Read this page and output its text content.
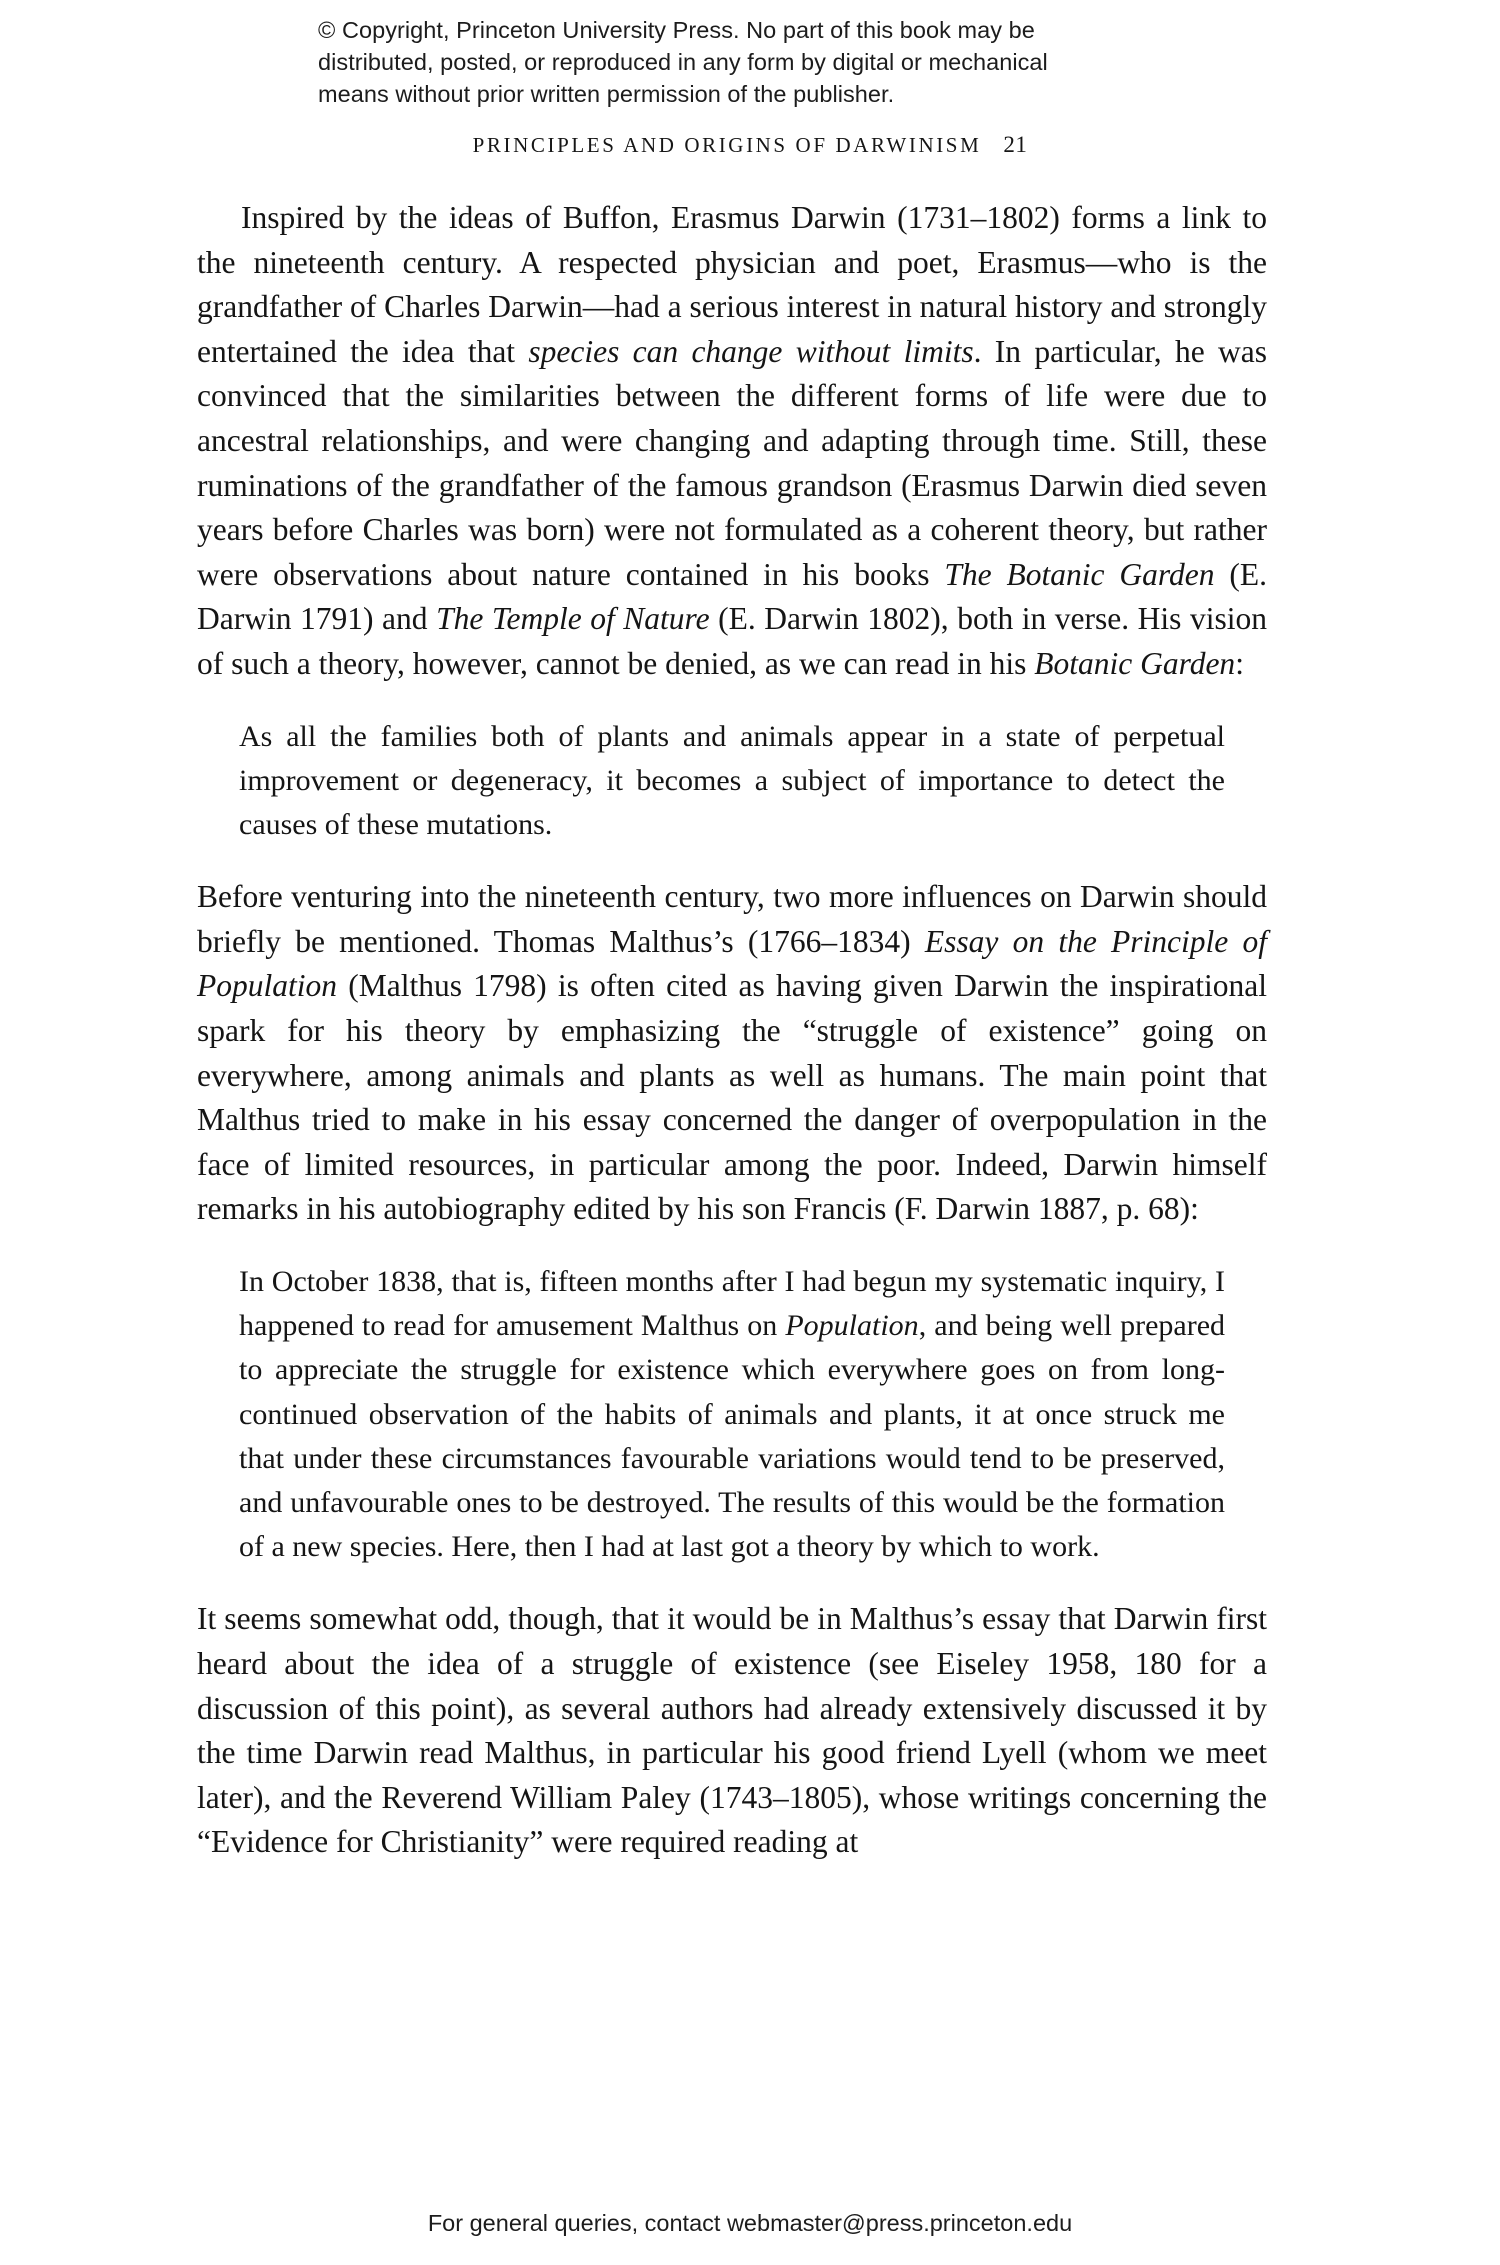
© Copyright, Princeton University Press. No part of this book may be
distributed, posted, or reproduced in any form by digital or mechanical
means without prior written permission of the publisher.
PRINCIPLES AND ORIGINS OF DARWINISM 21

Inspired by the ideas of Buffon, Erasmus Darwin (1731–1802) forms a link to the nineteenth century. A respected physician and poet, Erasmus—who is the grandfather of Charles Darwin—had a serious interest in natural history and strongly entertained the idea that species can change without limits. In particular, he was convinced that the similarities between the different forms of life were due to ancestral relationships, and were changing and adapting through time. Still, these ruminations of the grandfather of the famous grandson (Erasmus Darwin died seven years before Charles was born) were not formulated as a coherent theory, but rather were observations about nature contained in his books The Botanic Garden (E. Darwin 1791) and The Temple of Nature (E. Darwin 1802), both in verse. His vision of such a theory, however, cannot be denied, as we can read in his Botanic Garden:

As all the families both of plants and animals appear in a state of perpetual improvement or degeneracy, it becomes a subject of importance to detect the causes of these mutations.

Before venturing into the nineteenth century, two more influences on Darwin should briefly be mentioned. Thomas Malthus’s (1766–1834) Essay on the Principle of Population (Malthus 1798) is often cited as having given Darwin the inspirational spark for his theory by emphasizing the “struggle of existence” going on everywhere, among animals and plants as well as humans. The main point that Malthus tried to make in his essay concerned the danger of overpopulation in the face of limited resources, in particular among the poor. Indeed, Darwin himself remarks in his autobiography edited by his son Francis (F. Darwin 1887, p. 68):

In October 1838, that is, fifteen months after I had begun my systematic inquiry, I happened to read for amusement Malthus on Population, and being well prepared to appreciate the struggle for existence which everywhere goes on from long-continued observation of the habits of animals and plants, it at once struck me that under these circumstances favourable variations would tend to be preserved, and unfavourable ones to be destroyed. The results of this would be the formation of a new species. Here, then I had at last got a theory by which to work.

It seems somewhat odd, though, that it would be in Malthus’s essay that Darwin first heard about the idea of a struggle of existence (see Eiseley 1958, 180 for a discussion of this point), as several authors had already extensively discussed it by the time Darwin read Malthus, in particular his good friend Lyell (whom we meet later), and the Reverend William Paley (1743–1805), whose writings concerning the “Evidence for Christianity” were required reading at

For general queries, contact webmaster@press.princeton.edu
